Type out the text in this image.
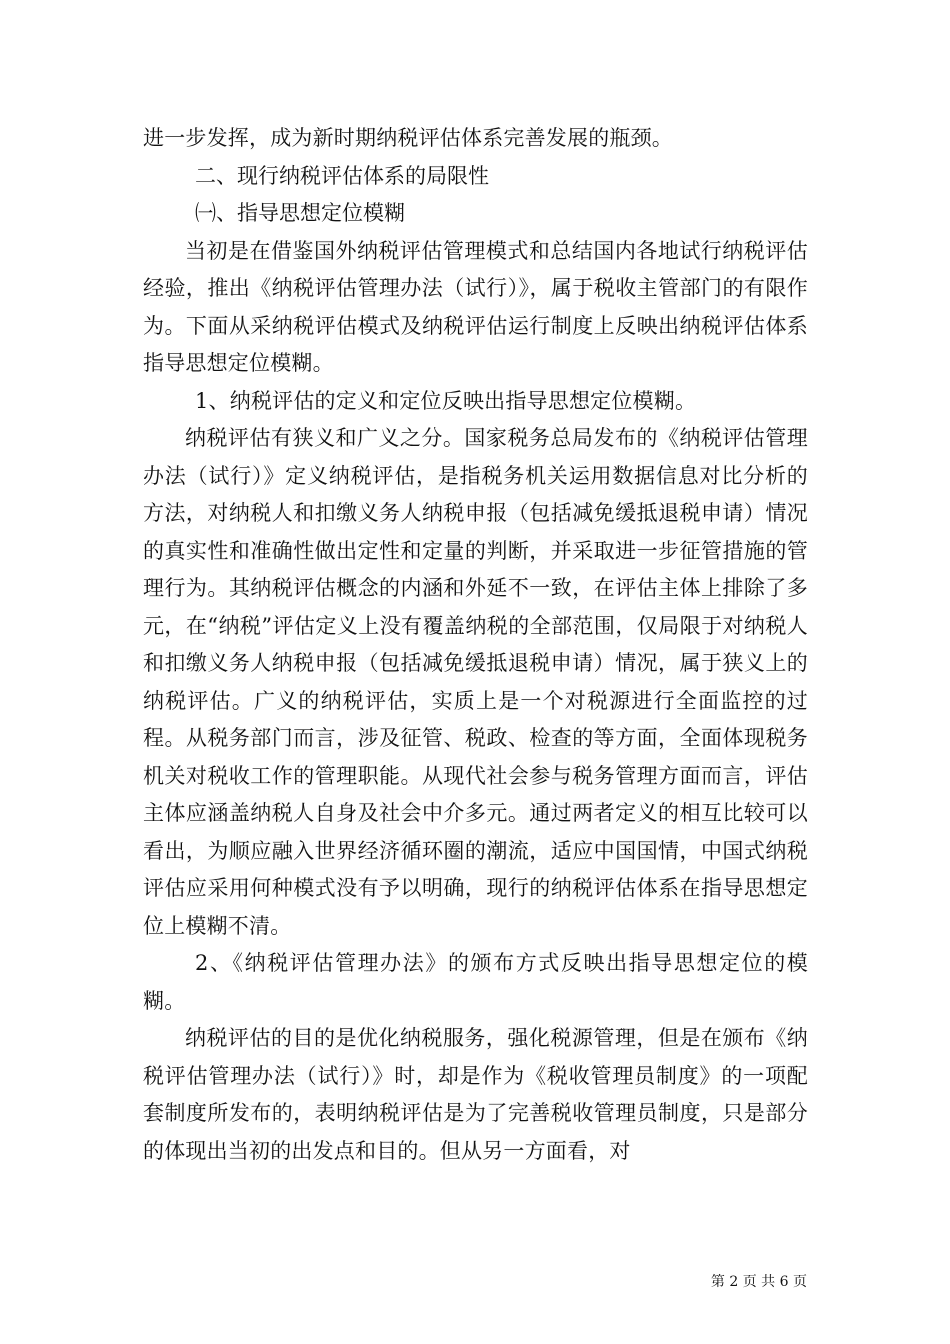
进一步发挥，成为新时期纳税评估体系完善发展的瓶颈。

二、现行纳税评估体系的局限性

㈠、指导思想定位模糊

当初是在借鉴国外纳税评估管理模式和总结国内各地试行纳税评估经验，推出《纳税评估管理办法（试行）》，属于税收主管部门的有限作为。下面从采纳税评估模式及纳税评估运行制度上反映出纳税评估体系指导思想定位模糊。

1、纳税评估的定义和定位反映出指导思想定位模糊。

纳税评估有狭义和广义之分。国家税务总局发布的《纳税评估管理办法（试行）》定义纳税评估，是指税务机关运用数据信息对比分析的方法，对纳税人和扣缴义务人纳税申报（包括减免缓抵退税申请）情况的真实性和准确性做出定性和定量的判断，并采取进一步征管措施的管理行为。其纳税评估概念的内涵和外延不一致，在评估主体上排除了多元，在“纳税”评估定义上没有覆盖纳税的全部范围，仅局限于对纳税人和扣缴义务人纳税申报（包括减免缓抵退税申请）情况，属于狭义上的纳税评估。广义的纳税评估，实质上是一个对税源进行全面监控的过程。从税务部门而言，涉及征管、税政、检查的等方面，全面体现税务机关对税收工作的管理职能。从现代社会参与税务管理方面而言，评估主体应涵盖纳税人自身及社会中介多元。通过两者定义的相互比较可以看出，为顺应融入世界经济循环圈的潮流，适应中国国情，中国式纳税评估应采用何种模式没有予以明确，现行的纳税评估体系在指导思想定位上模糊不清。

2、《纳税评估管理办法》的颁布方式反映出指导思想定位的模糊。

纳税评估的目的是优化纳税服务，强化税源管理，但是在颁布《纳税评估管理办法（试行）》时，却是作为《税收管理员制度》的一项配套制度所发布的，表明纳税评估是为了完善税收管理员制度，只是部分的体现出当初的出发点和目的。但从另一方面看，对

第 2 页 共 6 页
